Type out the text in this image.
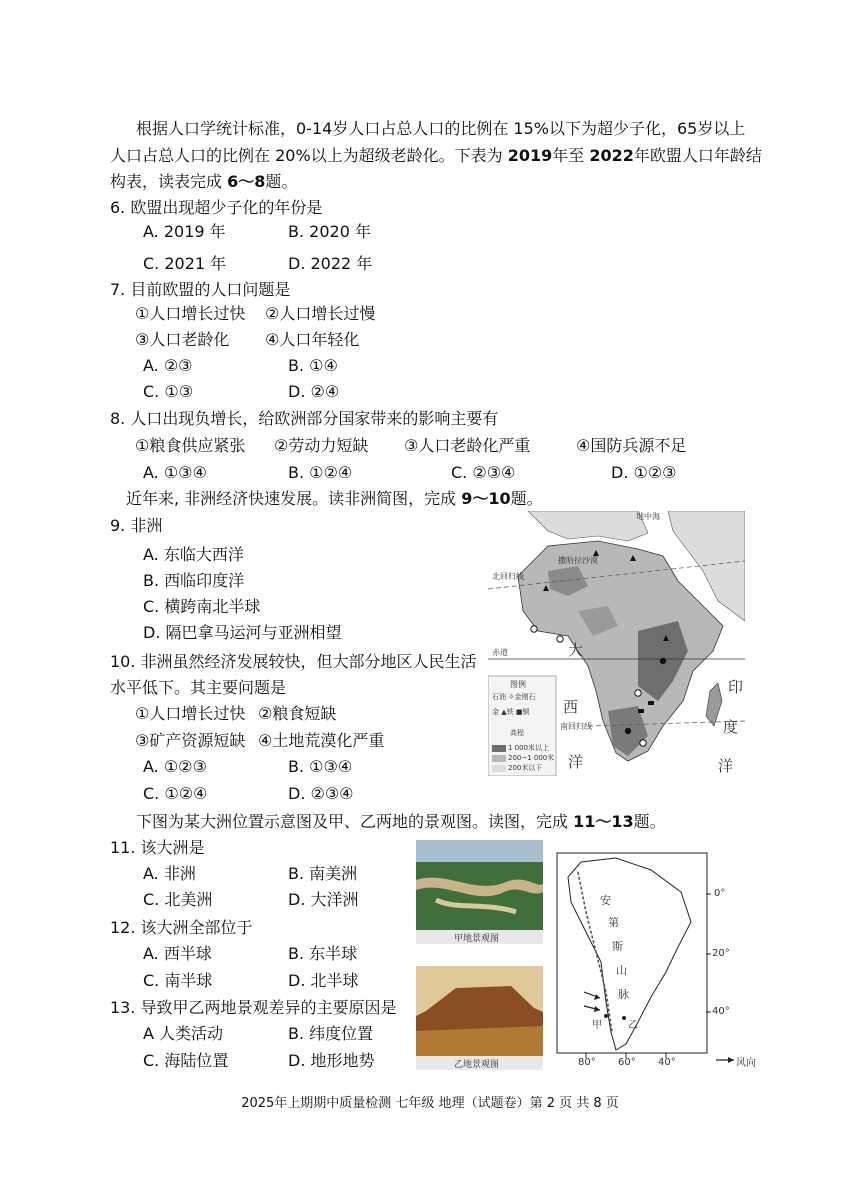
根据人口学统计标准，0-14岁人口占总人口的比例在 15%以下为超少子化，65岁以上
人口占总人口的比例在 20%以上为超级老龄化。下表为 2019年至 2022年欧盟人口年龄结
构表，读表完成 6～8题。
6. 欧盟出现超少子化的年份是
A. 2019 年	B. 2020 年
C. 2021 年	D. 2022 年
7. 目前欧盟的人口问题是
①人口增长过快 ②人口增长过慢
③人口老龄化 ④人口年轻化
A. ②③	B. ①④
C. ①③	D. ②④
8. 人口出现负增长，给欧洲部分国家带来的影响主要有
①粮食供应紧张 ②劳动力短缺 ③人口老龄化严重	④国防兵源不足
A. ①③④	B. ①②④	C. ②③④	D. ①②③
近年来, 非洲经济快速发展。读非洲简图，完成 9～10题。
9. 非洲
A. 东临大西洋
B. 西临印度洋
C. 横跨南北半球
D. 隔巴拿马运河与亚洲相望
10. 非洲虽然经济发展较快，但大部分地区人民生活
水平低下。其主要问题是
①人口增长过快 ②粮食短缺
③矿产资源短缺 ④土地荒漠化严重
A. ①②③	B. ①③④
C. ①②④	D. ②③④
下图为某大洲位置示意图及甲、乙两地的景观图。读图，完成 11～13题。
11. 该大洲是
A. 非洲	B. 南美洲
C. 北美洲	D. 大洋洲
12. 该大洲全部位于
A. 西半球	B. 东半球
C. 南半球	D. 北半球
13. 导致甲乙两地景观差异的主要原因是
A 人类活动	B. 纬度位置
C. 海陆位置	D. 地形地势
地中海
北回归线
撒哈拉沙漠
赤道	大
西
洋
印
度
洋
南回归线
图例
石油 ☼金刚石
金 ▲铁 ■铜
高程
1 000米以上
200~1 000米
200米以下
甲地景观图
乙地景观图
0°
20°
40°
80° 60° 40°
安
第
斯
山
脉
甲	乙
风向
2025年上期期中质量检测 七年级 地理（试题卷）第 2 页 共 8 页
